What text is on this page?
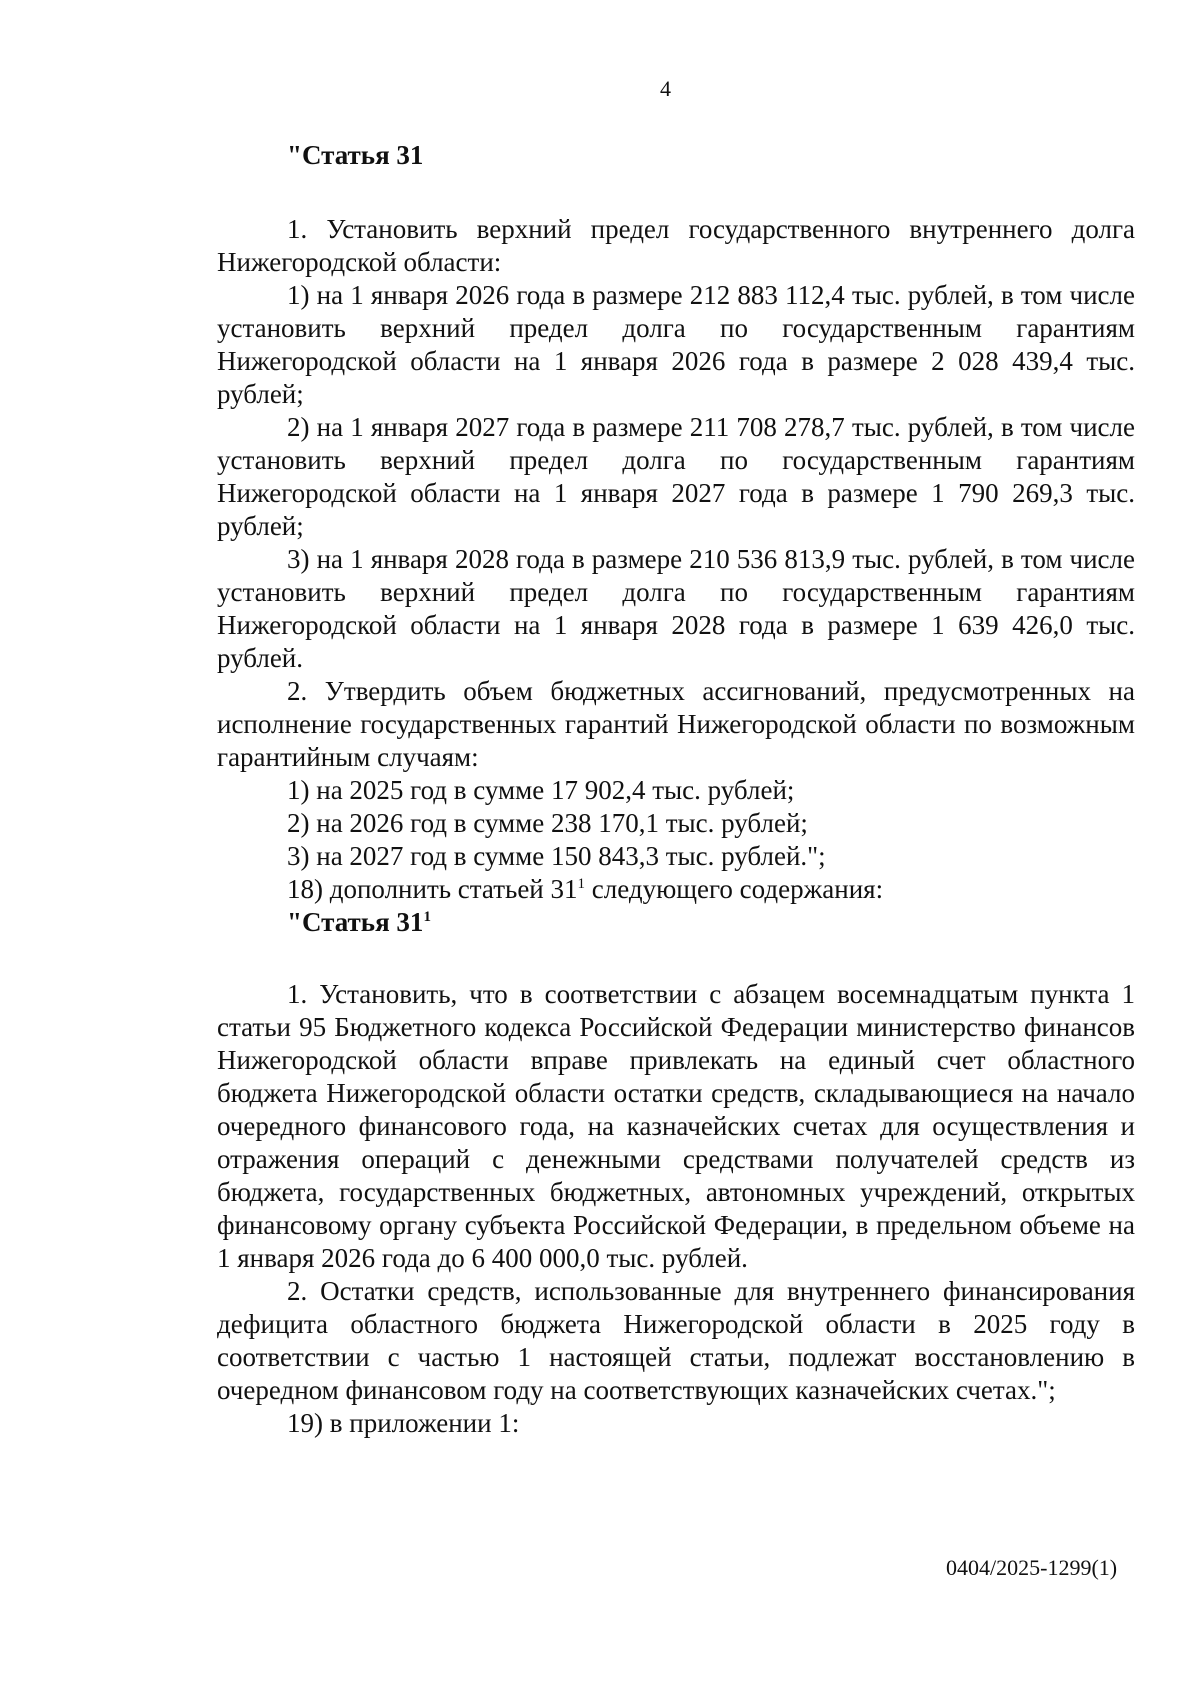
4
"Статья 31

1. Установить верхний предел государственного внутреннего долга Нижегородской области:

1) на 1 января 2026 года в размере 212 883 112,4 тыс. рублей, в том числе установить верхний предел долга по государственным гарантиям Нижегородской области на 1 января 2026 года в размере 2 028 439,4 тыс. рублей;

2) на 1 января 2027 года в размере 211 708 278,7 тыс. рублей, в том числе установить верхний предел долга по государственным гарантиям Нижегородской области на 1 января 2027 года в размере 1 790 269,3 тыс. рублей;

3) на 1 января 2028 года в размере 210 536 813,9 тыс. рублей, в том числе установить верхний предел долга по государственным гарантиям Нижегородской области на 1 января 2028 года в размере 1 639 426,0 тыс. рублей.

2. Утвердить объем бюджетных ассигнований, предусмотренных на исполнение государственных гарантий Нижегородской области по возможным гарантийным случаям:

1) на 2025 год в сумме 17 902,4 тыс. рублей;

2) на 2026 год в сумме 238 170,1 тыс. рублей;

3) на 2027 год в сумме 150 843,3 тыс. рублей.";

18) дополнить статьей $31^1$ следующего содержания:

"Статья $31^1$

1. Установить, что в соответствии с абзацем восемнадцатым пункта 1 статьи 95 Бюджетного кодекса Российской Федерации министерство финансов Нижегородской области вправе привлекать на единый счет областного бюджета Нижегородской области остатки средств, складывающиеся на начало очередного финансового года, на казначейских счетах для осуществления и отражения операций с денежными средствами получателей средств из бюджета, государственных бюджетных, автономных учреждений, открытых финансовому органу субъекта Российской Федерации, в предельном объеме на 1 января 2026 года до 6 400 000,0 тыс. рублей.

2. Остатки средств, использованные для внутреннего финансирования дефицита областного бюджета Нижегородской области в 2025 году в соответствии с частью 1 настоящей статьи, подлежат восстановлению в очередном финансовом году на соответствующих казначейских счетах.";

19) в приложении 1:

0404/2025-1299(1)
